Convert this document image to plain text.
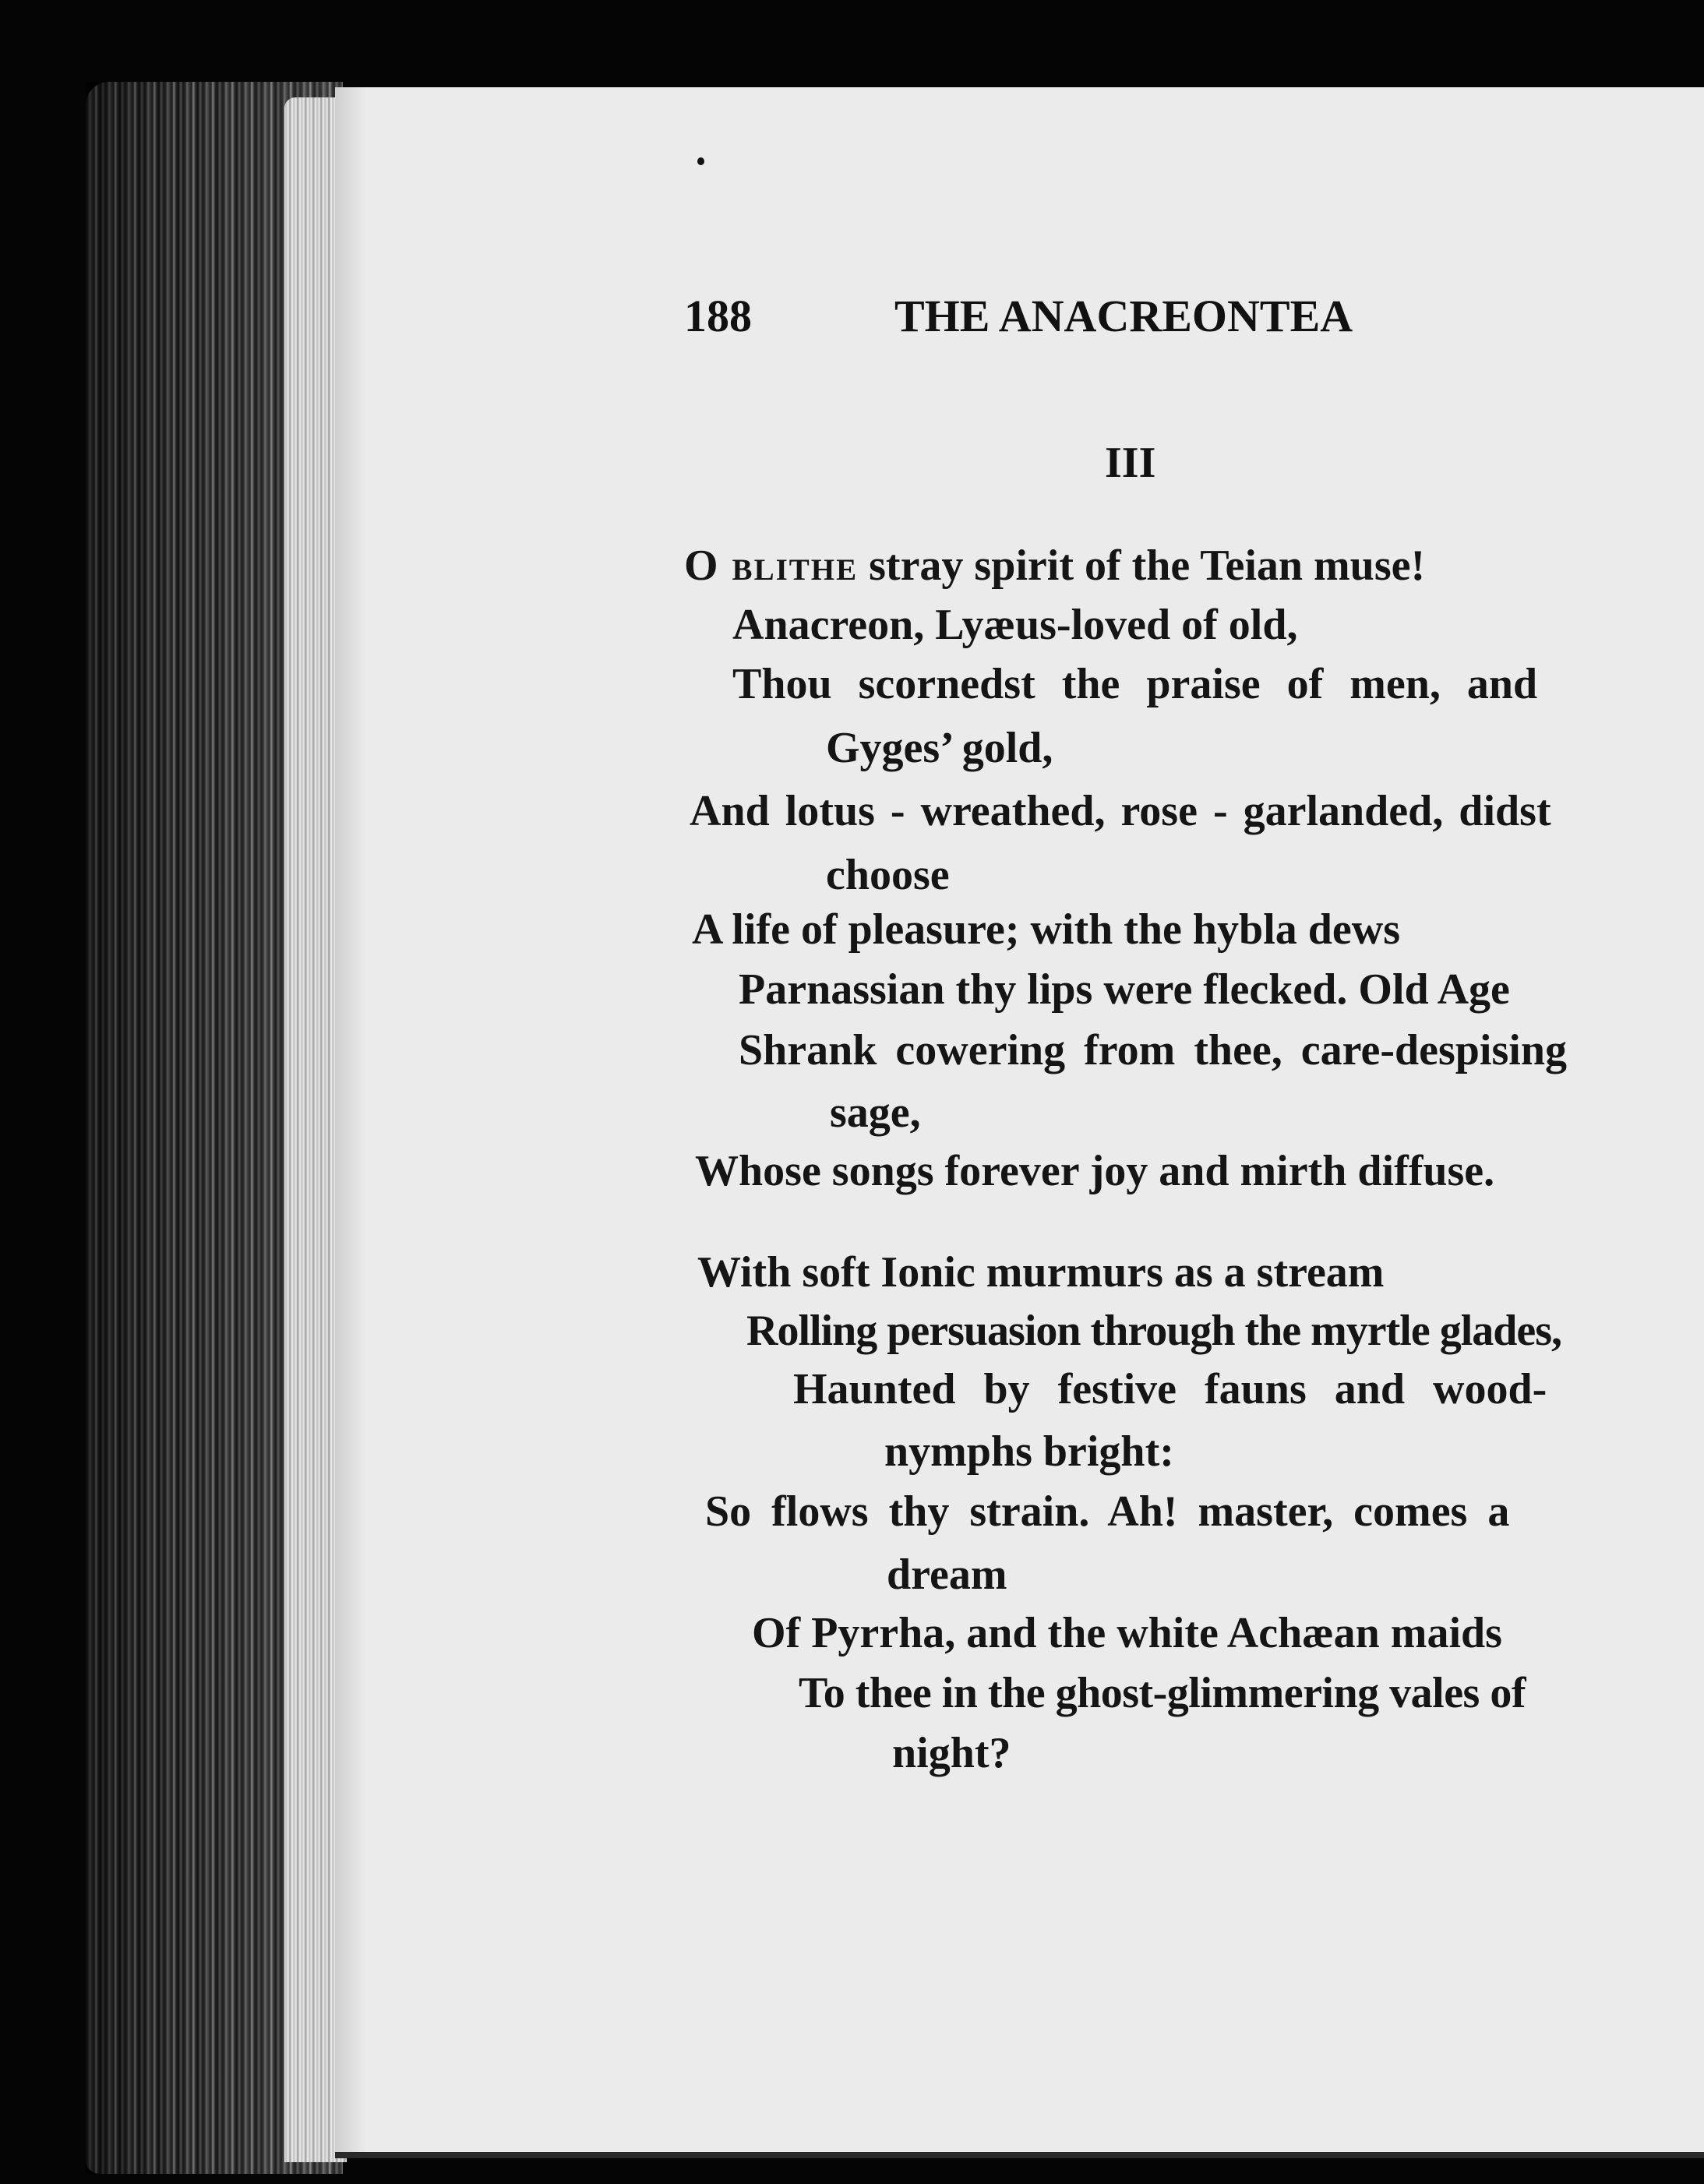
188	THE ANACREONTEA
III
O blithe stray spirit of the Teian muse!
Anacreon, Lyæus-loved of old,
Thou scornedst the praise of men, and
Gyges’ gold,
And lotus - wreathed, rose - garlanded, didst
choose
A life of pleasure; with the hybla dews
Parnassian thy lips were flecked. Old Age
Shrank cowering from thee, care-despising
sage,
Whose songs forever joy and mirth diffuse.
With soft Ionic murmurs as a stream
Rolling persuasion through the myrtle glades,
Haunted by festive fauns and wood-
nymphs bright:
So flows thy strain. Ah! master, comes a
dream
Of Pyrrha, and the white Achæan maids
To thee in the ghost-glimmering vales of
night?
